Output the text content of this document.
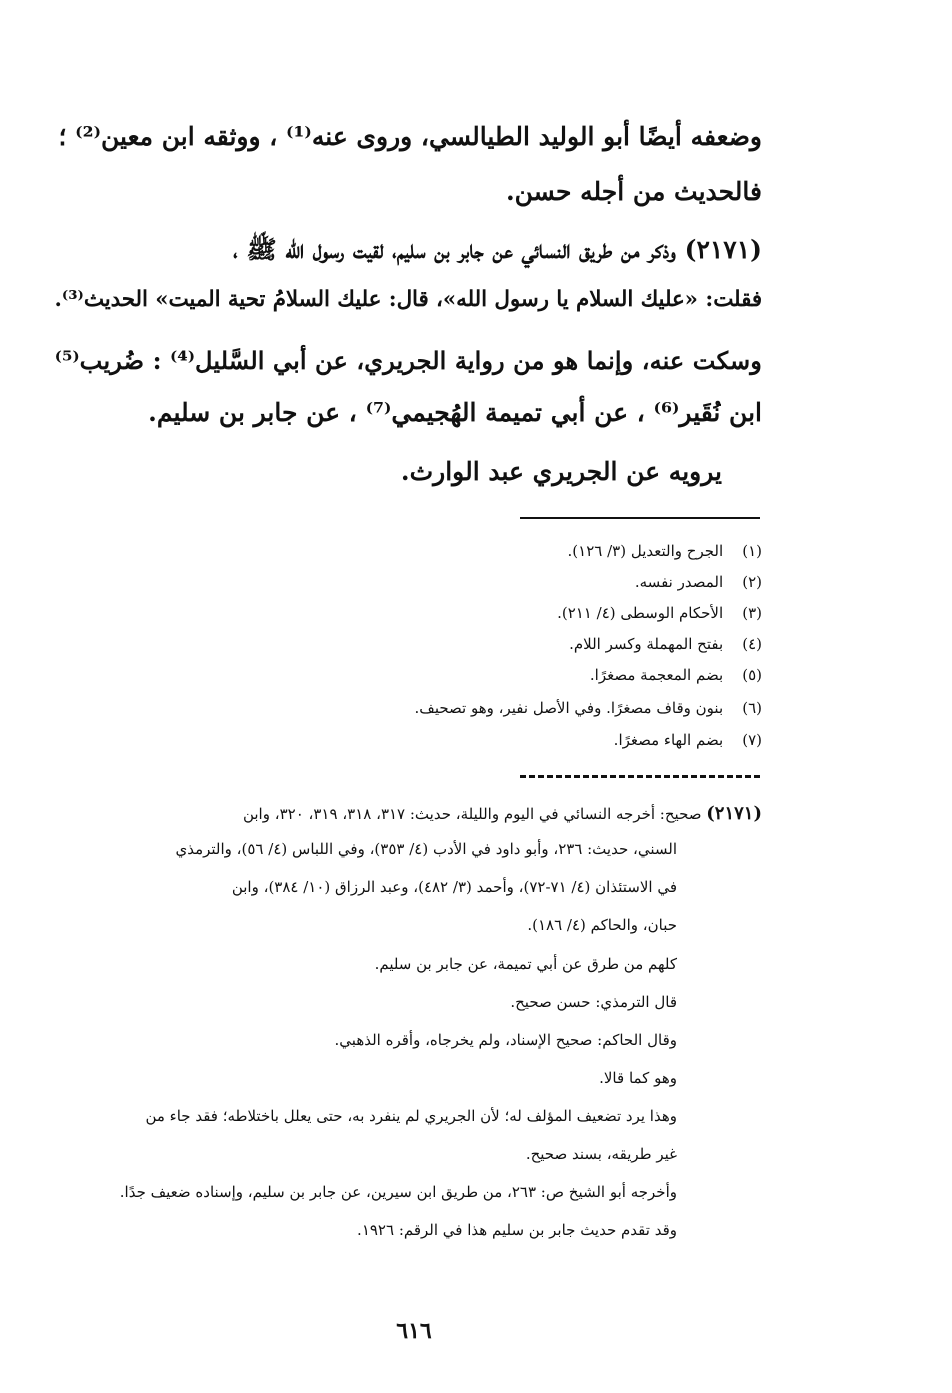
وضعفه أيضًا أبو الوليد الطيالسي، وروى عنه⁽¹⁾ ، ووثقه ابن معين⁽²⁾ ؛
فالحديث من أجله حسن.
(٢١٧١) وذكر من طريق النسائي عن جابر بن سليم، لقيت رسول الله ﷺ ،
فقلت: «عليك السلام يا رسول الله»، قال: عليك السلامُ تحية الميت» الحديث⁽³⁾.
وسكت عنه، وإنما هو من رواية الجريري، عن أبي السَّليل⁽⁴⁾ : ضُريب⁽⁵⁾
ابن نُقَير⁽⁶⁾ ، عن أبي تميمة الهُجيمي⁽⁷⁾ ، عن جابر بن سليم.
يرويه عن الجريري عبد الوارث.
(١)    الجرح والتعديل (٣/ ١٢٦).
(٢)    المصدر نفسه.
(٣)    الأحكام الوسطى (٤/ ٢١١).
(٤)    بفتح المهملة وكسر اللام.
(٥)    بضم المعجمة مصغرًا.
(٦)    بنون وقاف مصغرًا. وفي الأصل نفير، وهو تصحيف.
(٧)    بضم الهاء مصغرًا.
(٢١٧١) صحيح: أخرجه النسائي في اليوم والليلة، حديث: ٣١٧، ٣١٨، ٣١٩، ٣٢٠، وابن
السني، حديث: ٢٣٦، وأبو داود في الأدب (٤/ ٣٥٣)، وفي اللباس (٤/ ٥٦)، والترمذي
في الاستئذان (٤/ ٧١-٧٢)، وأحمد (٣/ ٤٨٢)، وعبد الرزاق (١٠/ ٣٨٤)، وابن
حبان، والحاكم (٤/ ١٨٦).
كلهم من طرق عن أبي تميمة، عن جابر بن سليم.
قال الترمذي: حسن صحيح.
وقال الحاكم: صحيح الإسناد، ولم يخرجاه، وأقره الذهبي.
وهو كما قالا.
وهذا يرد تضعيف المؤلف له؛ لأن الجريري لم ينفرد به، حتى يعلل باختلاطه؛ فقد جاء من
غير طريقه، بسند صحيح.
وأخرجه أبو الشيخ ص: ٢٦٣، من طريق ابن سيرين، عن جابر بن سليم، وإسناده ضعيف جدًا.
وقد تقدم حديث جابر بن سليم هذا في الرقم: ١٩٢٦.
٦١٦
